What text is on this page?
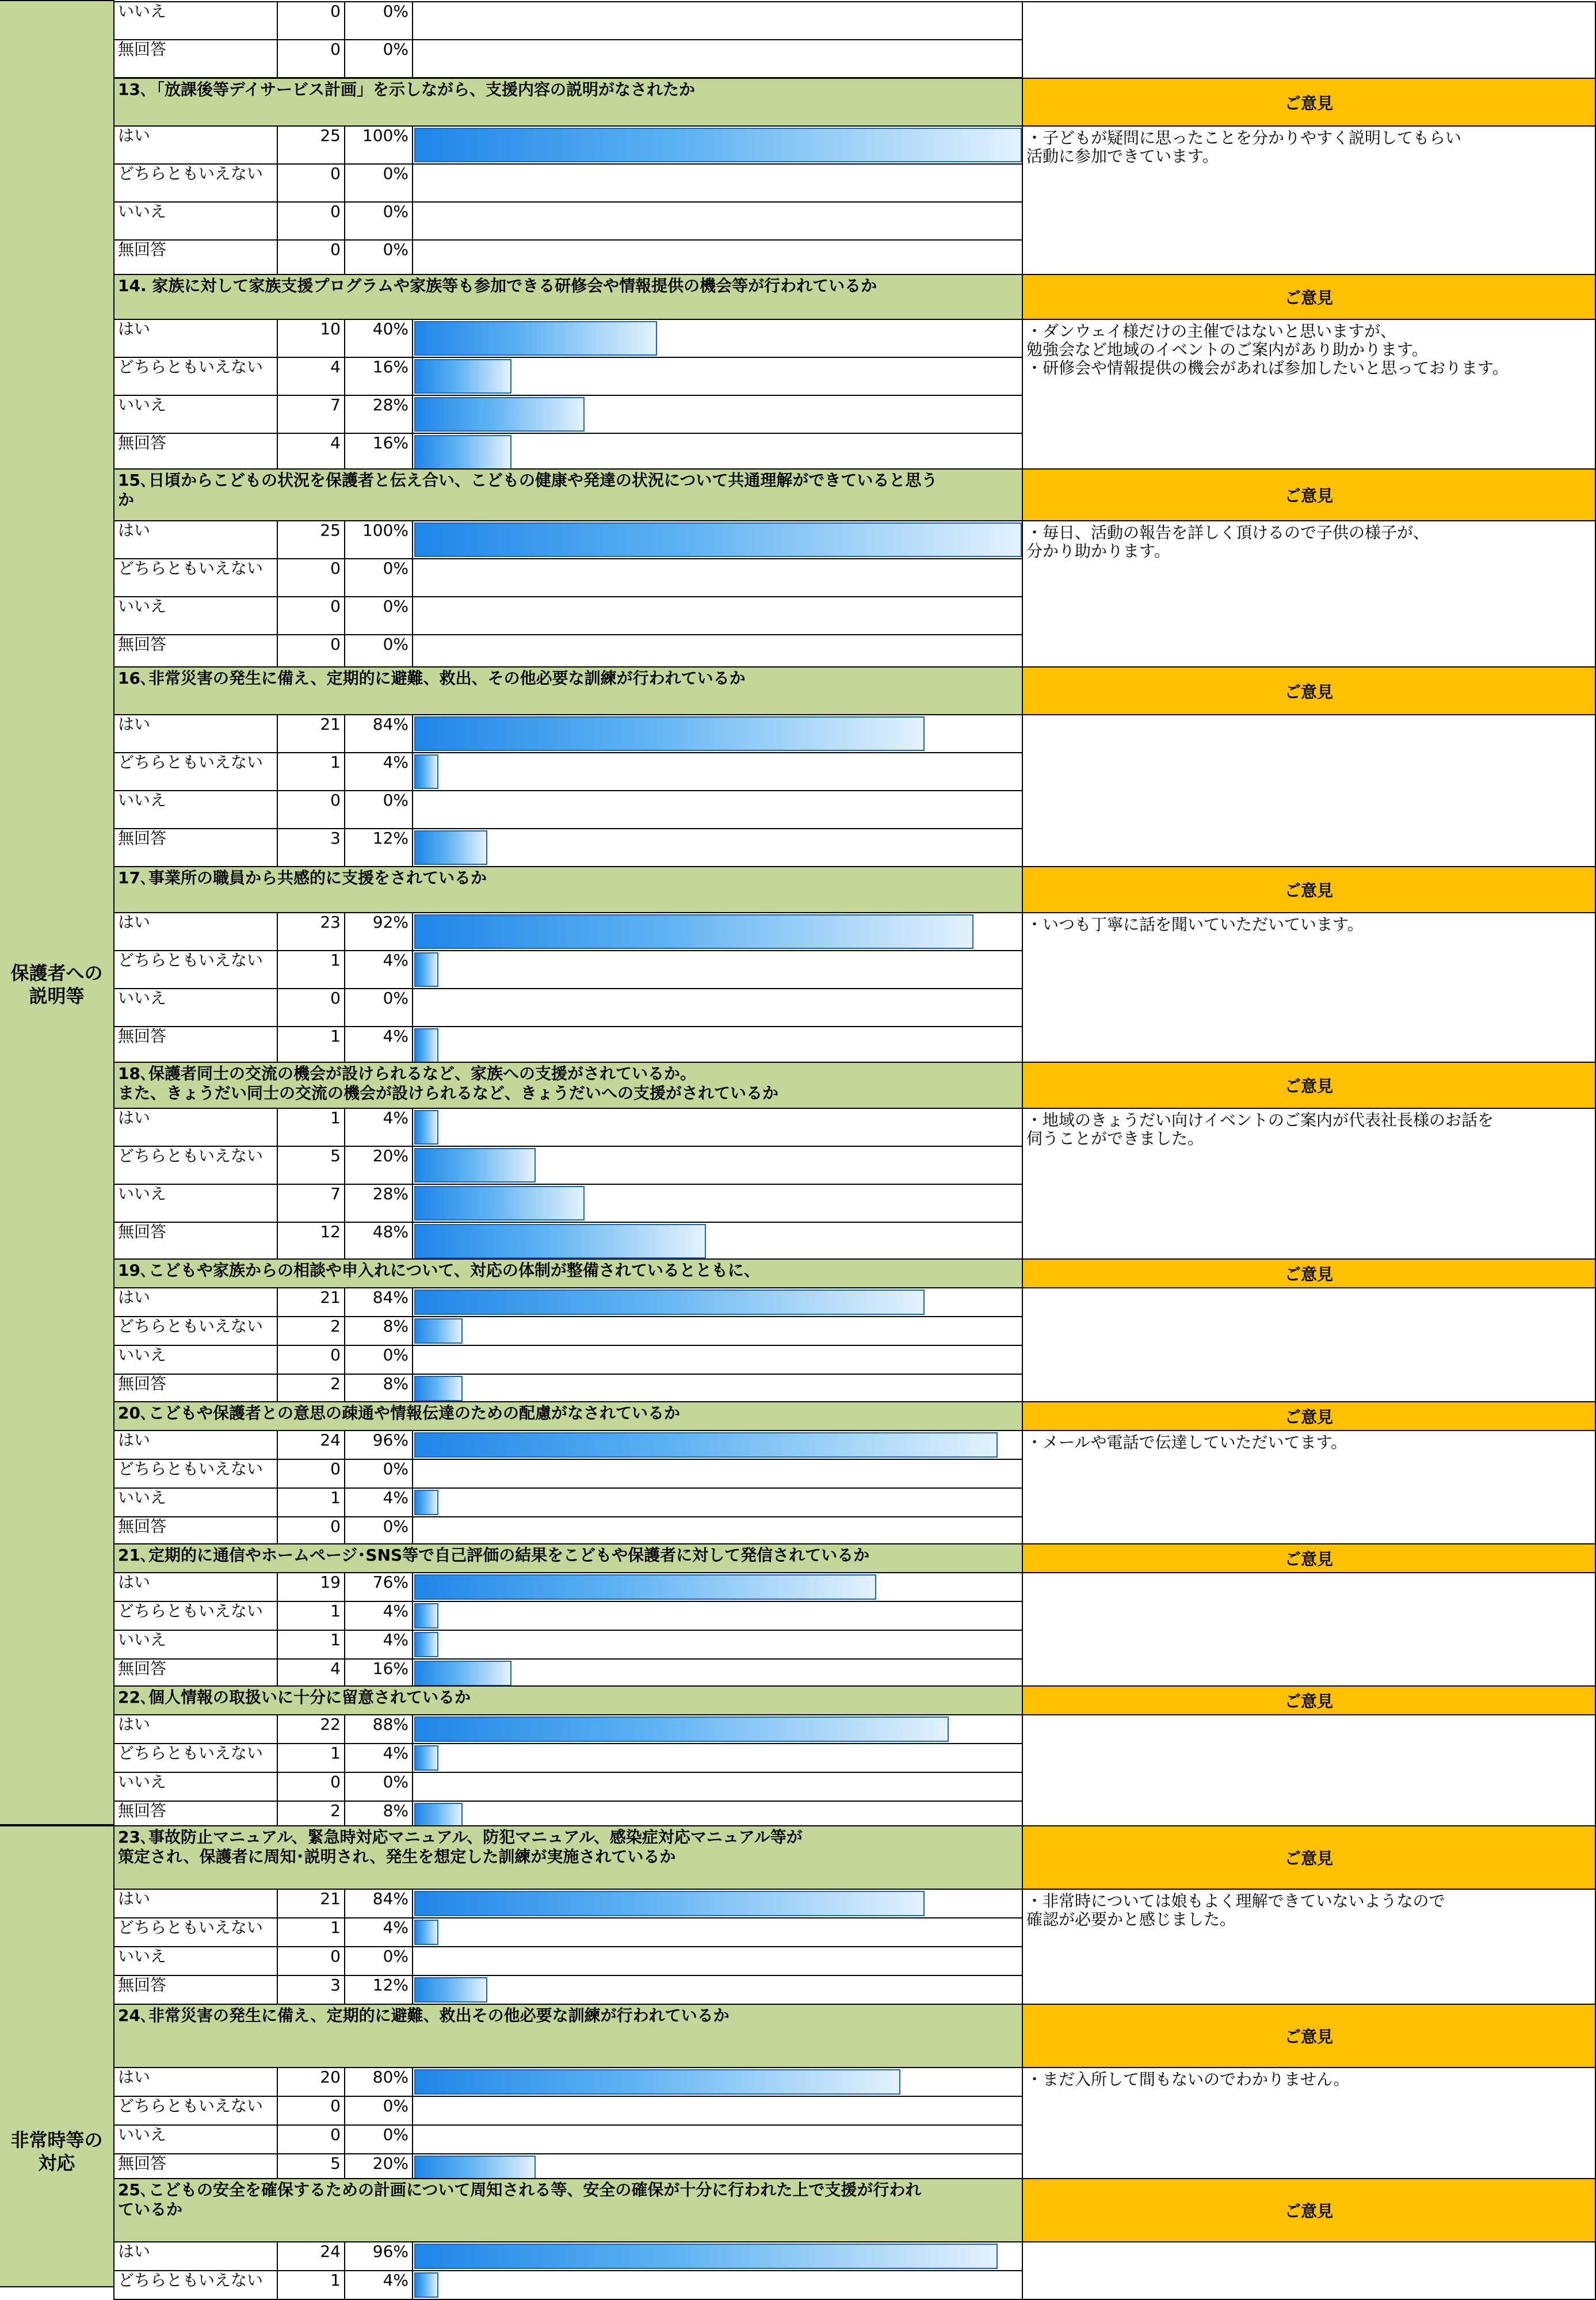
保護者への
説明等
非常時等の
対応
いいえ	0	0%
無回答	0	0%
13､「放課後等デイサービス計画」を示しながら、支援内容の説明がなされたか
ご意見
はい	25	100%
どちらともいえない	0	0%
いいえ	0	0%
無回答	0	0%
・子どもが疑問に思ったことを分かりやすく説明してもらい
活動に参加できています。
14. 家族に対して家族支援プログラムや家族等も参加できる研修会や情報提供の機会等が行われているか
ご意見
はい	10	40%
どちらともいえない	4	16%
いいえ	7	28%
無回答	4	16%
・ダンウェイ様だけの主催ではないと思いますが、
勉強会など地域のイベントのご案内があり助かります。
・研修会や情報提供の機会があれば参加したいと思っております。
15､日頃からこどもの状況を保護者と伝え合い、こどもの健康や発達の状況について共通理解ができていると思う
か	ご意見
はい	25	100%
どちらともいえない	0	0%
いいえ	0	0%
無回答	0	0%
・毎日、活動の報告を詳しく頂けるので子供の様子が、
分かり助かります。
16､非常災害の発生に備え、定期的に避難、救出、その他必要な訓練が行われているか
ご意見
はい	21	84%
どちらともいえない	1	4%
いいえ	0	0%
無回答	3	12%
17､事業所の職員から共感的に支援をされているか
ご意見
はい	23	92%
どちらともいえない	1	4%
いいえ	0	0%
無回答	1	4%
・いつも丁寧に話を聞いていただいています。
18､保護者同士の交流の機会が設けられるなど、家族への支援がされているか。
また、きょうだい同士の交流の機会が設けられるなど、きょうだいへの支援がされているか	ご意見
はい	1	4%
どちらともいえない	5	20%
いいえ	7	28%
無回答	12	48%
・地域のきょうだい向けイベントのご案内が代表社長様のお話を
伺うことができました。
19､こどもや家族からの相談や申入れについて、対応の体制が整備されているとともに、	ご意見
はい	21	84%
どちらともいえない	2	8%
いいえ	0	0%
無回答	2	8%
20､こどもや保護者との意思の疎通や情報伝達のための配慮がなされているか	ご意見
はい	24	96%
どちらともいえない	0	0%
いいえ	1	4%
無回答	0	0%
・メールや電話で伝達していただいてます。
21､定期的に通信やホームページ･SNS等で自己評価の結果をこどもや保護者に対して発信されているか	ご意見
はい	19	76%
どちらともいえない	1	4%
いいえ	1	4%
無回答	4	16%
22､個人情報の取扱いに十分に留意されているか	ご意見
はい	22	88%
どちらともいえない	1	4%
いいえ	0	0%
無回答	2	8%
23､事故防止マニュアル、緊急時対応マニュアル、防犯マニュアル、感染症対応マニュアル等が
策定され、保護者に周知･説明され、発生を想定した訓練が実施されているか	ご意見
はい	21	84%
どちらともいえない	1	4%
いいえ	0	0%
無回答	3	12%
・非常時については娘もよく理解できていないようなので
確認が必要かと感じました。
24､非常災害の発生に備え、定期的に避難、救出その他必要な訓練が行われているか
ご意見
はい	20	80%
どちらともいえない	0	0%
いいえ	0	0%
無回答	5	20%
・まだ入所して間もないのでわかりません。
25､こどもの安全を確保するための計画について周知される等、安全の確保が十分に行われた上で支援が行われ
ているか	ご意見
はい	24	96%
どちらともいえない	1	4%
